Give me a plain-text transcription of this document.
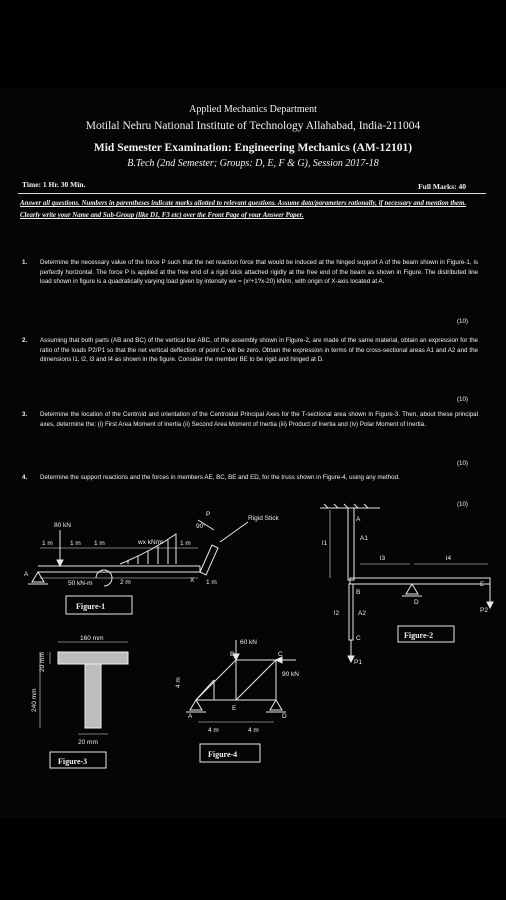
Applied Mechanics Department
Motilal Nehru National Institute of Technology Allahabad, India-211004
Mid Semester Examination: Engineering Mechanics (AM-12101)
B.Tech (2nd Semester; Groups: D, E, F & G), Session 2017-18
Time: 1 Hr. 30 Min.	Full Marks: 40
Answer all questions. Numbers in parentheses indicate marks allotted to relevant questions. Assume data/parameters rationally, if necessary and mention them. Clearly write your Name and Sub-Group (like D1, F3 etc) over the Front Page of your Answer Paper.
1. Determine the necessary value of the force P such that the net reaction force that would be induced at the hinged support A of the beam shown in Figure-1, is perfectly horizontal. The force P is applied at the free end of a rigid stick attached rigidly at the free end of the beam as shown in Figure. The distributed line load shown in figure is a quadratically varying load given by intensity wx = (x²+1?x-20) kN/m, with origin of X-axis located at A.
(10)
2. Assuming that both parts (AB and BC) of the vertical bar ABC, of the assembly shown in Figure-2, are made of the same material, obtain an expression for the ratio of the loads P2/P1 so that the net vertical deflection of point C will be zero. Obtain the expression in terms of the cross-sectional areas A1 and A2 and the dimensions l1, l2, l3 and l4 as shown in the figure. Consider the member BE to be rigid and hinged at D.
(10)
3. Determine the location of the Centroid and orientation of the Centroidal Principal Axes for the T-sectional area shown in Figure-3. Then, about these principal axes, determine the: (i) First Area Moment of Inertia (ii) Second Area Moment of Inertia (iii) Product of Inertia and (iv) Polar Moment of Inertia.
(10)
4. Determine the support reactions and the forces in members AE, BC, BE and ED, for the truss shown in Figure-4, using any method.
(10)
80 kN
1 m	1 m 1 m	1 m
2 m	1 m
wx kN/m
50 kN-m
90°
Rigid Stick
P
A
X
Figure-1
l1
A1
l3	l4
l2	A2
A
B
C
D
E
P1
P2
Figure-2
160 mm
20 mm
240 mm
20 mm
Figure-3
60 kN
90 kN
4 m	4 m
4 m
A
B	C
D
E
Figure-4
